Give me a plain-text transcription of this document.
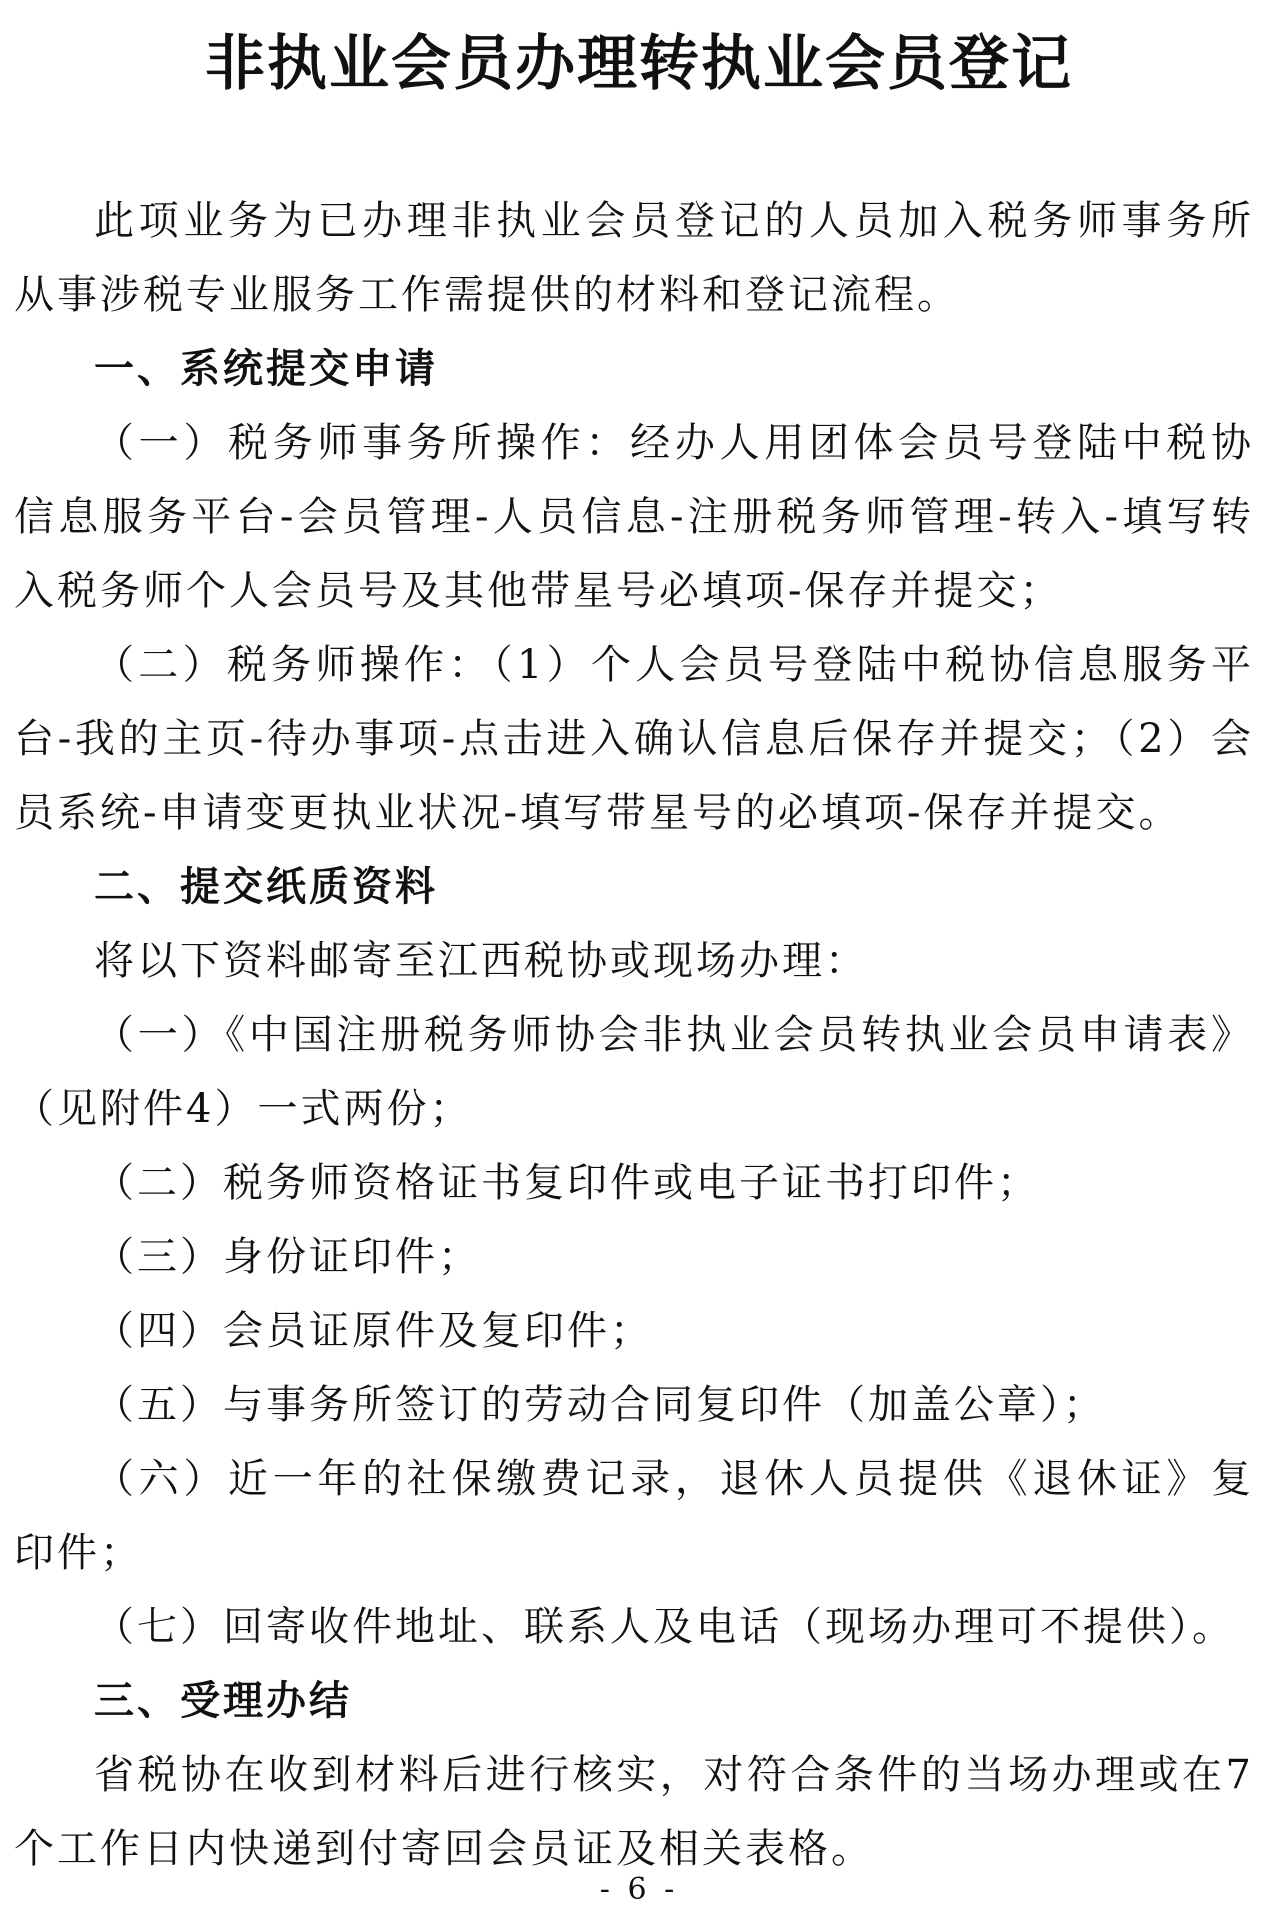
非执业会员办理转执业会员登记

此项业务为已办理非执业会员登记的人员加入税务师事务所从事涉税专业服务工作需提供的材料和登记流程。

一、系统提交申请

（一）税务师事务所操作：经办人用团体会员号登陆中税协信息服务平台-会员管理-人员信息-注册税务师管理-转入-填写转入税务师个人会员号及其他带星号必填项-保存并提交；

（二）税务师操作：（1）个人会员号登陆中税协信息服务平台-我的主页-待办事项-点击进入确认信息后保存并提交；（2）会员系统-申请变更执业状况-填写带星号的必填项-保存并提交。

二、提交纸质资料

将以下资料邮寄至江西税协或现场办理：

（一）《中国注册税务师协会非执业会员转执业会员申请表》（见附件4）一式两份；

（二）税务师资格证书复印件或电子证书打印件；

（三）身份证印件；

（四）会员证原件及复印件；

（五）与事务所签订的劳动合同复印件（加盖公章）；

（六）近一年的社保缴费记录，退休人员提供《退休证》复印件；

（七）回寄收件地址、联系人及电话（现场办理可不提供）。

三、受理办结

省税协在收到材料后进行核实，对符合条件的当场办理或在7个工作日内快递到付寄回会员证及相关表格。

- 6 -
